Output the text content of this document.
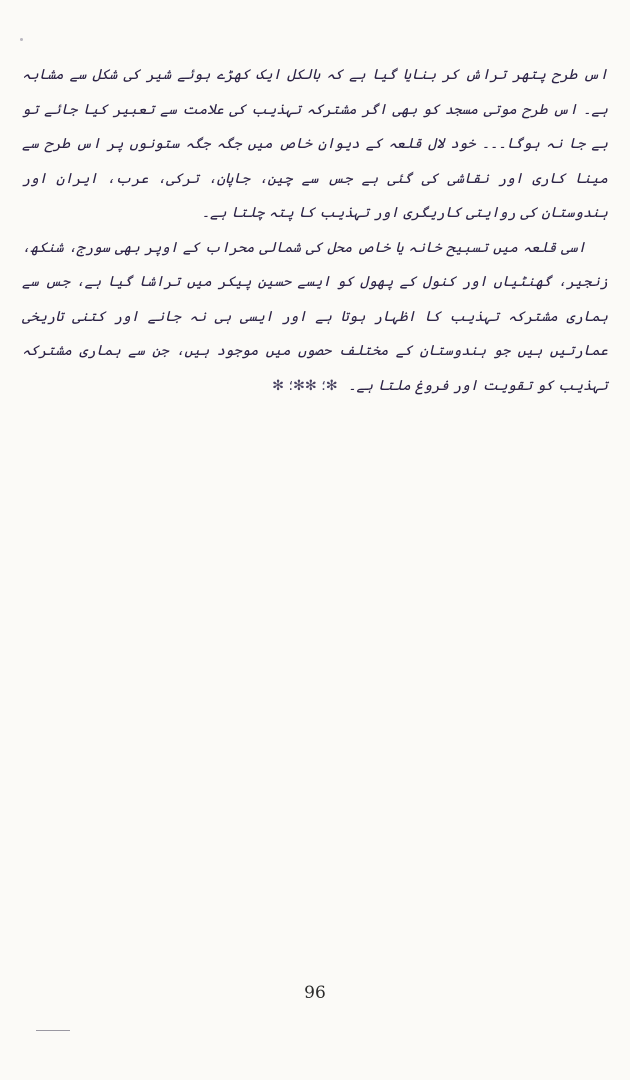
اس طرح پتھر تراش کر بنایا گیا ہے کہ بالکل ایک کھڑے ہوئے شیر کی شکل سے مشابہ ہے۔ اس طرح موتی مسجد کو بھی اگر مشترکہ تہذیب کی علامت سے تعبیر کیا جائے تو بے جا نہ ہوگا۔۔۔ خود لال قلعہ کے دیوانِ خاص میں جگہ جگہ ستونوں پر اس طرح سے مینا کاری اور نقاشی کی گئی ہے جس سے چین، جاپان، ترکی، عرب، ایران اور ہندوستان کی روایتی کاریگری اور تہذیب کا پتہ چلتا ہے۔

اسی قلعہ میں تسبیح خانہ یا خاص محل کی شمالی محراب کے اوپر بھی سورج، شنکھ، زنجیر، گھنٹیاں اور کنول کے پھول کو ایسے حسین پیکر میں تراشا گیا ہے، جس سے ہماری مشترکہ تہذیب کا اظہار ہوتا ہے اور ایسی ہی نہ جانے اور کتنی تاریخی عمارتیں ہیں جو ہندوستان کے مختلف حصوں میں موجود ہیں، جن سے ہماری مشترکہ تہذیب کو تقویت اور فروغ ملتا ہے۔ ✻؛ ✻✻؛ ✻

96
